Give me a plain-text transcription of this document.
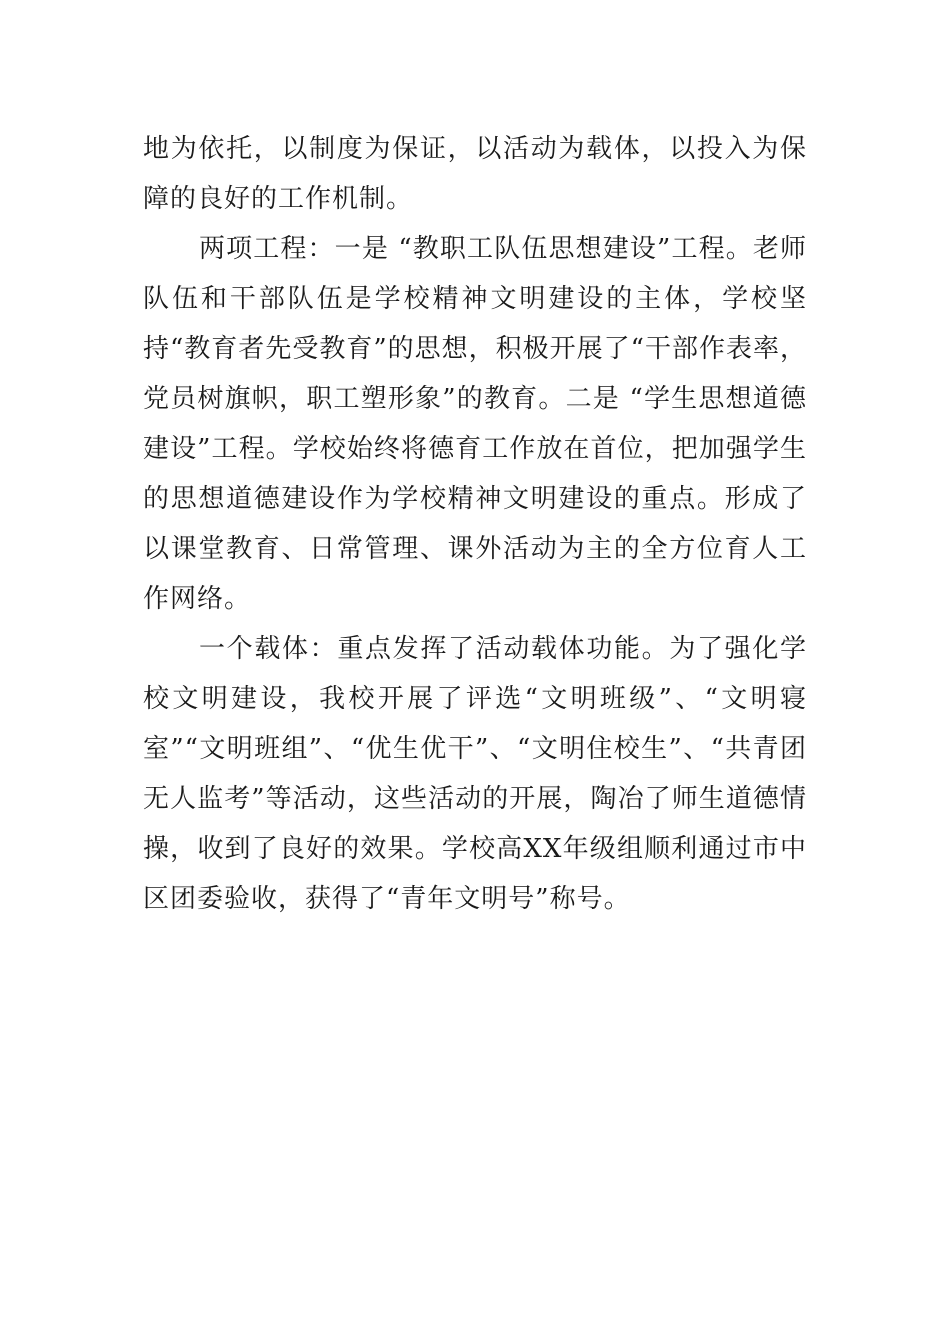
地为依托，以制度为保证，以活动为载体，以投入为保障的良好的工作机制。

两项工程：一是 “教职工队伍思想建设”工程。老师队伍和干部队伍是学校精神文明建设的主体，学校坚持“教育者先受教育”的思想，积极开展了“干部作表率，党员树旗帜，职工塑形象”的教育。二是 “学生思想道德建设”工程。学校始终将德育工作放在首位，把加强学生的思想道德建设作为学校精神文明建设的重点。形成了以课堂教育、日常管理、课外活动为主的全方位育人工作网络。

一个载体：重点发挥了活动载体功能。为了强化学校文明建设，我校开展了评选“文明班级”、“文明寝室”“文明班组”、“优生优干”、“文明住校生”、“共青团无人监考”等活动，这些活动的开展，陶冶了师生道德情操，收到了良好的效果。学校高XX年级组顺利通过市中区团委验收，获得了“青年文明号”称号。
